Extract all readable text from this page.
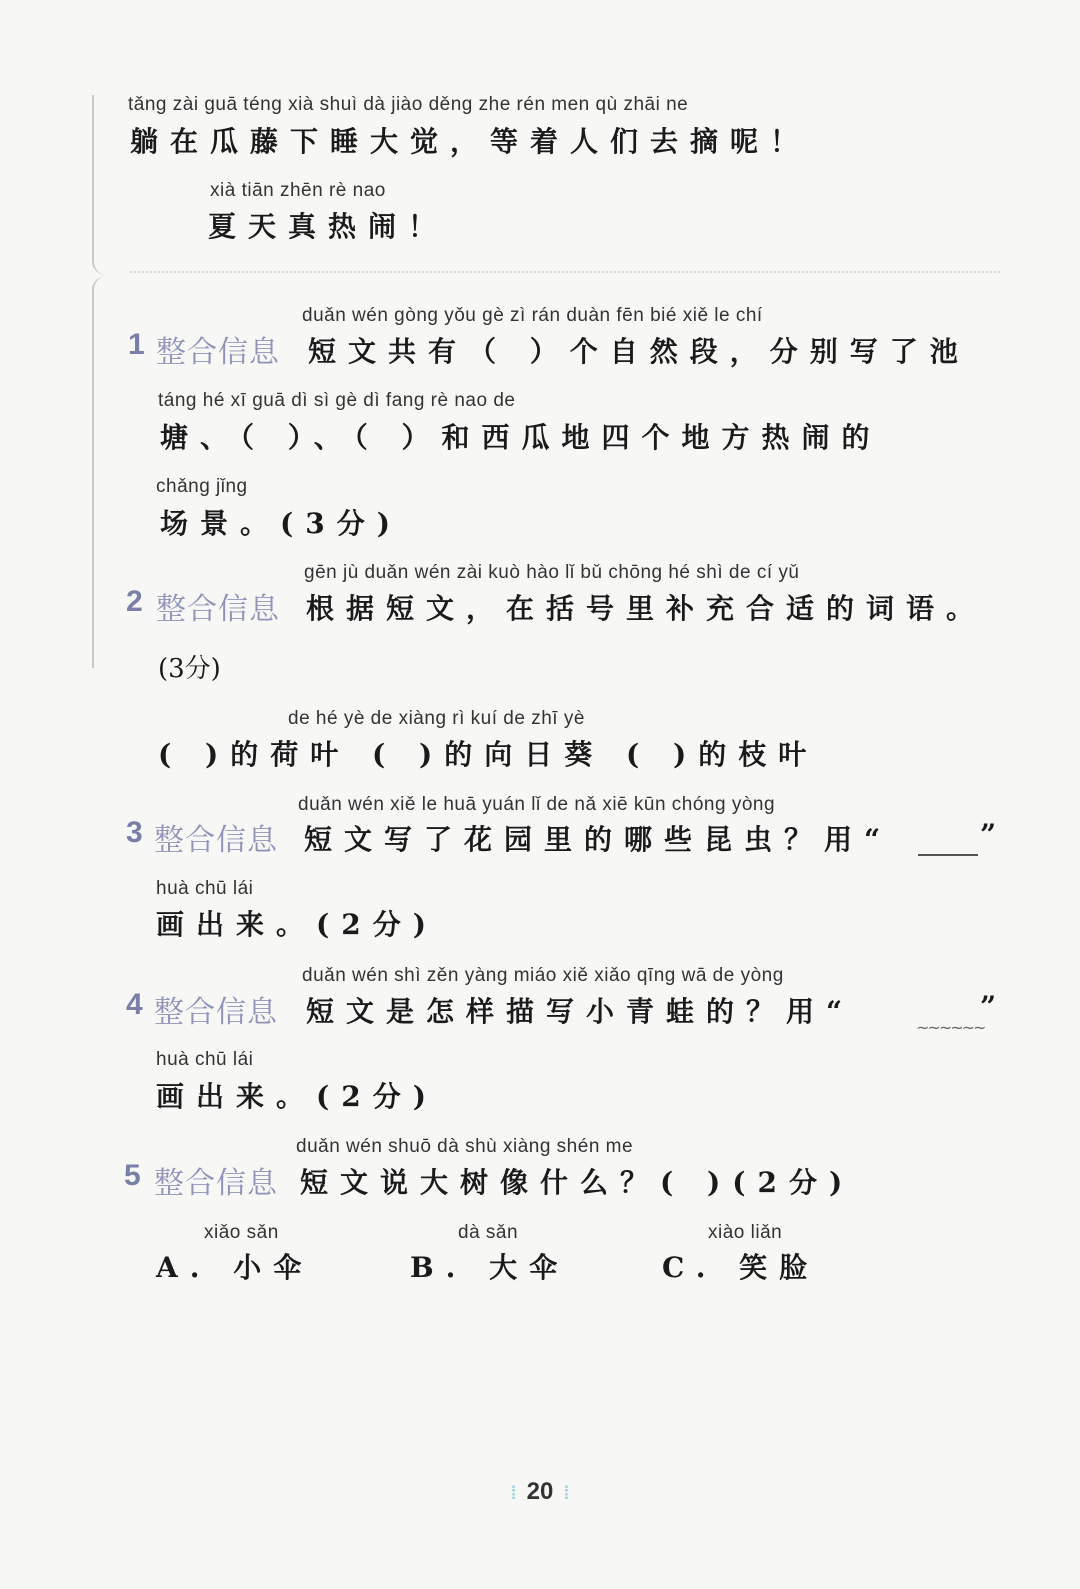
tǎng zài guā téng xià shuì dà jiào děng zhe rén men qù zhāi ne
躺在瓜藤下睡大觉，等着人们去摘呢！
xià tiān zhēn rè nao
夏天真热闹！
duǎn wén gòng yǒu gè zì rán duàn fēn bié xiě le chí
1 整合信息 短文共有（ ）个自然段，分别写了池
táng hé xī guā dì sì gè dì fang rè nao de
塘、（ ）、（ ）和西瓜地四个地方热闹的
chǎng jǐng
场景。(3分)
gēn jù duǎn wén zài kuò hào lǐ bǔ chōng hé shì de cí yǔ
2 整合信息 根据短文，在括号里补充合适的词语。
(3分)
de hé yè de xiàng rì kuí de zhī yè
( )的荷叶 ( )的向日葵 ( )的枝叶
duǎn wén xiě le huā yuán lǐ de nǎ xiē kūn chóng yòng
3 整合信息 短文写了花园里的哪些昆虫？用“	”
huà chū lái
画出来。(2分)
duǎn wén shì zěn yàng miáo xiě xiǎo qīng wā de yòng
4 整合信息 短文是怎样描写小青蛙的？用“	~~~~~~
”
huà chū lái
画出来。(2分)
duǎn wén shuō dà shù xiàng shén me
5 整合信息 短文说大树像什么？( )(2分)
xiǎo sǎn
A. 小伞
dà sǎn
B. 大伞
xiào liǎn
C. 笑脸
⁞ 20 ⁞
